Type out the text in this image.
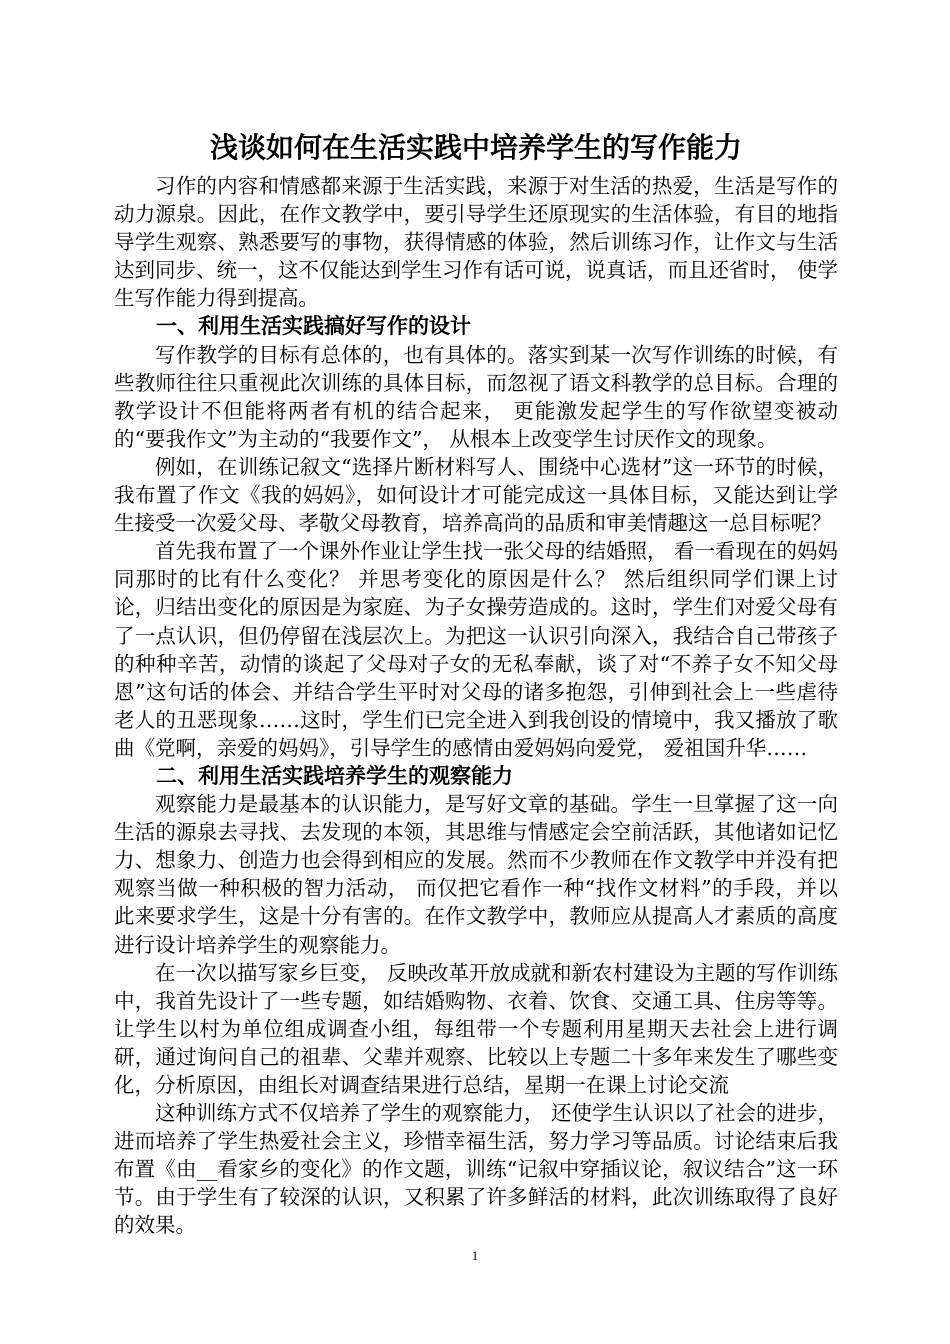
浅谈如何在生活实践中培养学生的写作能力

习作的内容和情感都来源于生活实践，来源于对生活的热爱，生活是写作的动力源泉。因此，在作文教学中，要引导学生还原现实的生活体验，有目的地指导学生观察、熟悉要写的事物，获得情感的体验，然后训练习作，让作文与生活达到同步、统一，这不仅能达到学生习作有话可说，说真话，而且还省时， 使学生写作能力得到提高。

一、利用生活实践搞好写作的设计

写作教学的目标有总体的，也有具体的。落实到某一次写作训练的时候，有些教师往往只重视此次训练的具体目标，而忽视了语文科教学的总目标。合理的教学设计不但能将两者有机的结合起来， 更能激发起学生的写作欲望变被动的“要我作文”为主动的“我要作文”， 从根本上改变学生讨厌作文的现象。

例如，在训练记叙文“选择片断材料写人、围绕中心选材”这一环节的时候，我布置了作文《我的妈妈》，如何设计才可能完成这一具体目标，又能达到让学生接受一次爱父母、孝敬父母教育，培养高尚的品质和审美情趣这一总目标呢？

首先我布置了一个课外作业让学生找一张父母的结婚照， 看一看现在的妈妈同那时的比有什么变化？ 并思考变化的原因是什么？ 然后组织同学们课上讨论，归结出变化的原因是为家庭、为子女操劳造成的。这时，学生们对爱父母有了一点认识，但仍停留在浅层次上。为把这一认识引向深入，我结合自己带孩子的种种辛苦，动情的谈起了父母对子女的无私奉献，谈了对“不养子女不知父母恩”这句话的体会、并结合学生平时对父母的诸多抱怨，引伸到社会上一些虐待老人的丑恶现象……这时，学生们已完全进入到我创设的情境中，我又播放了歌曲《党啊，亲爱的妈妈》，引导学生的感情由爱妈妈向爱党， 爱祖国升华……

二、利用生活实践培养学生的观察能力

观察能力是最基本的认识能力，是写好文章的基础。学生一旦掌握了这一向生活的源泉去寻找、去发现的本领，其思维与情感定会空前活跃，其他诸如记忆力、想象力、创造力也会得到相应的发展。然而不少教师在作文教学中并没有把观察当做一种积极的智力活动， 而仅把它看作一种“找作文材料”的手段，并以此来要求学生，这是十分有害的。在作文教学中，教师应从提高人才素质的高度进行设计培养学生的观察能力。

在一次以描写家乡巨变， 反映改革开放成就和新农村建设为主题的写作训练中，我首先设计了一些专题，如结婚购物、衣着、饮食、交通工具、住房等等。让学生以村为单位组成调查小组，每组带一个专题利用星期天去社会上进行调研，通过询问自己的祖辈、父辈并观察、比较以上专题二十多年来发生了哪些变化，分析原因，由组长对调查结果进行总结，星期一在课上讨论交流

这种训练方式不仅培养了学生的观察能力， 还使学生认识以了社会的进步，进而培养了学生热爱社会主义，珍惜幸福生活，努力学习等品质。讨论结束后我布置《由__看家乡的变化》的作文题，训练“记叙中穿插议论，叙议结合”这一环节。由于学生有了较深的认识，又积累了许多鲜活的材料，此次训练取得了良好的效果。

1
